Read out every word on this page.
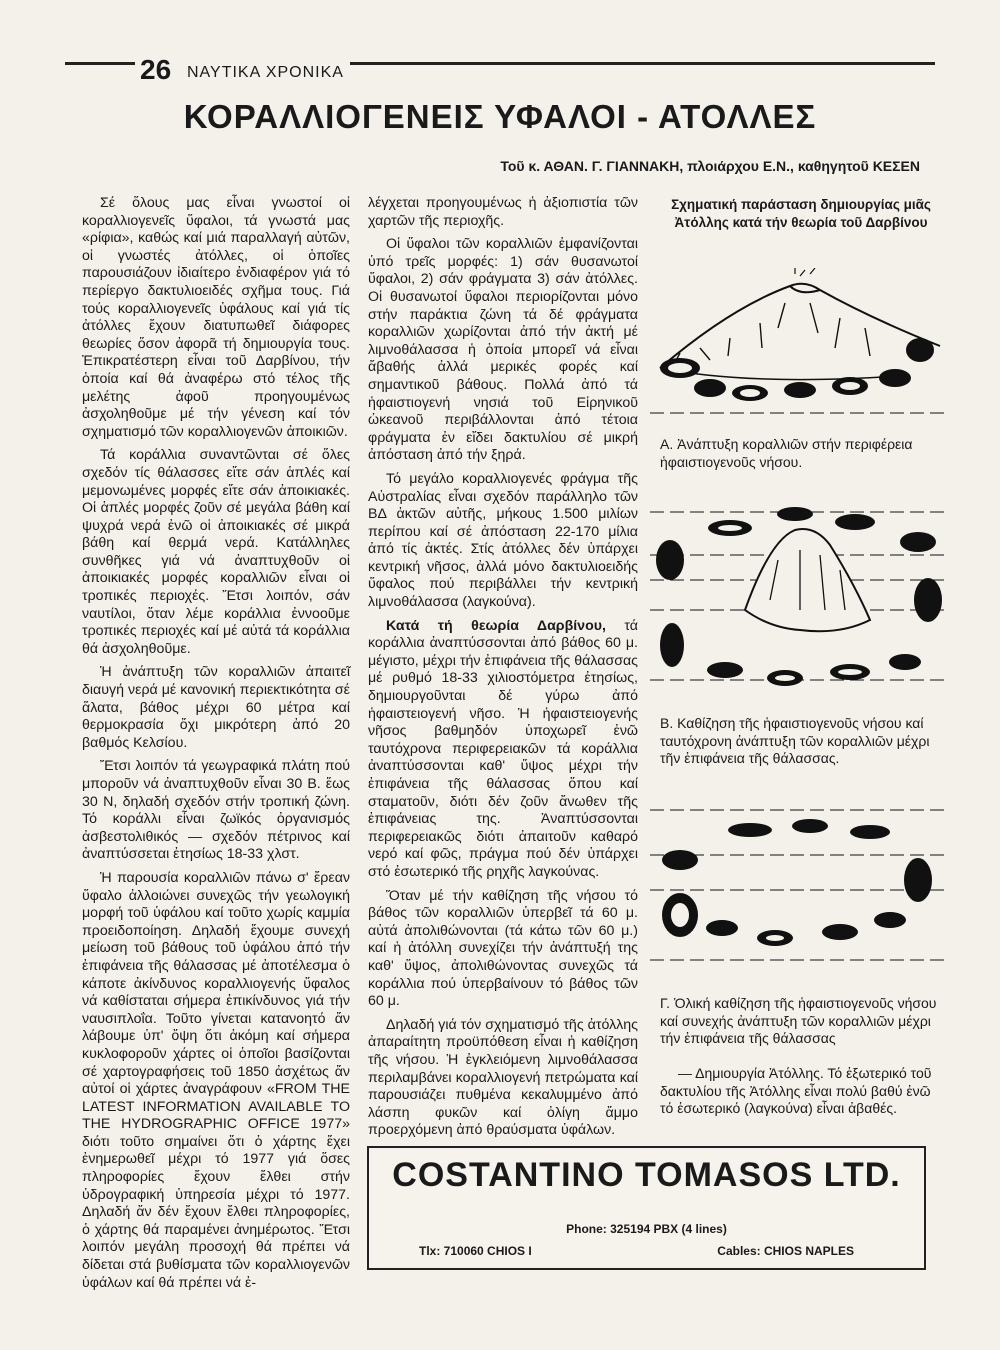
26 ΝΑΥΤΙΚΑ ΧΡΟΝΙΚΑ
ΚΟΡΑΛΛΙΟΓΕΝΕΙΣ ΥΦΑΛΟΙ - ΑΤΟΛΛΕΣ
Τοῦ κ. ΑΘΑΝ. Γ. ΓΙΑΝΝΑΚΗ, πλοιάρχου Ε.Ν., καθηγητοῦ ΚΕΣΕΝ

Σέ ὅλους μας εἶναι γνωστοί οἱ κοραλλιογενεῖς ὕφαλοι, τά γνωστά μας «ρίφια», καθώς καί μιά παραλλαγή αὐτῶν, οἱ γνωστές ἀτόλλες, οἱ ὁποῖες παρουσιάζουν ἰδιαίτερο ἐνδιαφέρον γιά τό περίεργο δακτυλιοειδές σχῆμα τους. Γιά τούς κοραλλιογενεῖς ὑφάλους καί γιά τίς ἀτόλλες ἔχουν διατυπωθεῖ διάφορες θεωρίες ὅσον ἀφορᾶ τή δημιουργία τους. Ἐπικρατέστερη εἶναι τοῦ Δαρβίνου, τήν ὁποία καί θά ἀναφέρω στό τέλος τῆς μελέτης ἀφοῦ προηγουμένως ἀσχοληθοῦμε μέ τήν γένεση καί τόν σχηματισμό τῶν κοραλλιογενῶν ἀποικιῶν.

Τά κοράλλια συναντῶνται σέ ὅλες σχεδόν τίς θάλασσες εἴτε σάν ἁπλές καί μεμονωμένες μορφές εἴτε σάν ἀποικιακές. Οἱ ἁπλές μορφές ζοῦν σέ μεγάλα βάθη καί ψυχρά νερά ἐνῶ οἱ ἀποικιακές σέ μικρά βάθη καί θερμά νερά. Κατάλληλες συνθῆκες γιά νά ἀναπτυχθοῦν οἱ ἀποικιακές μορφές κοραλλιῶν εἶναι οἱ τροπικές περιοχές. Ἔτσι λοιπόν, σάν ναυτίλοι, ὅταν λέμε κοράλλια ἐννοοῦμε τροπικές περιοχές καί μέ αὐτά τά κοράλλια θά ἀσχοληθοῦμε.

Ἡ ἀνάπτυξη τῶν κοραλλιῶν ἀπαιτεῖ διαυγή νερά μέ κανονική περιεκτικότητα σέ ἅλατα, βάθος μέχρι 60 μέτρα καί θερμοκρασία ὄχι μικρότερη ἀπό 20 βαθμός Κελσίου.

Ἔτσι λοιπόν τά γεωγραφικά πλάτη πού μποροῦν νά ἀναπτυχθοῦν εἶναι 30 Β. ἕως 30 Ν, δηλαδή σχεδόν στήν τροπική ζώνη. Τό κοράλλι εἶναι ζωϊκός ὀργανισμός ἀσβεστολιθικός — σχεδόν πέτρινος καί ἀναπτύσσεται ἐτησίως 18-33 χλστ.

Ἡ παρουσία κοραλλιῶν πάνω σ' ἔρεαν ὕφαλο ἀλλοιώνει συνεχῶς τήν γεωλογική μορφή τοῦ ὑφάλου καί τοῦτο χωρίς καμμία προειδοποίηση. Δηλαδή ἔχουμε συνεχή μείωση τοῦ βάθους τοῦ ὑφάλου ἀπό τήν ἐπιφάνεια τῆς θάλασσας μέ ἀποτέλεσμα ὁ κάποτε ἀκίνδυνος κοραλλιογενής ὕφαλος νά καθίσταται σήμερα ἐπικίνδυνος γιά τήν ναυσιπλοΐα. Τοῦτο γίνεται κατανοητό ἄν λάβουμε ὑπ' ὄψη ὅτι ἀκόμη καί σήμερα κυκλοφοροῦν χάρτες οἱ ὁποῖοι βασίζονται σέ χαρτογραφήσεις τοῦ 1850 ἀσχέτως ἄν αὐτοί οἱ χάρτες ἀναγράφουν «FROM THE LATEST INFORMATION AVAILABLE TO THE HYDROGRAPHIC OFFICE 1977» διότι τοῦτο σημαίνει ὅτι ὁ χάρτης ἔχει ἐνημερωθεῖ μέχρι τό 1977 γιά ὅσες πληροφορίες ἔχουν ἔλθει στήν ὑδρογραφική ὑπηρεσία μέχρι τό 1977. Δηλαδή ἄν δέν ἔχουν ἔλθει πληροφορίες, ὁ χάρτης θά παραμένει ἀνημέρωτος. Ἔτσι λοιπόν μεγάλη προσοχή θά πρέπει νά δίδεται στά βυθίσματα τῶν κοραλλιογενῶν ὑφάλων καί θά πρέπει νά ἐ-

λέγχεται προηγουμένως ἡ ἀξιοπιστία τῶν χαρτῶν τῆς περιοχῆς.

Οἱ ὕφαλοι τῶν κοραλλιῶν ἐμφανίζονται ὑπό τρεῖς μορφές: 1) σάν θυσανωτοί ὕφαλοι, 2) σάν φράγματα 3) σάν ἀτόλλες. Οἱ θυσανωτοί ὕφαλοι περιορίζονται μόνο στήν παράκτια ζώνη τά δέ φράγματα κοραλλιῶν χωρίζονται ἀπό τήν ἀκτή μέ λιμνοθάλασσα ἡ ὁποία μπορεῖ νά εἶναι ἄβαθής ἀλλά μερικές φορές καί σημαντικοῦ βάθους. Πολλά ἀπό τά ἡφαιστιογενή νησιά τοῦ Εἰρηνικοῦ ὠκεανοῦ περιβάλλονται ἀπό τέτοια φράγματα ἐν εἴδει δακτυλίου σέ μικρή ἀπόσταση ἀπό τήν ξηρά.

Τό μεγάλο κοραλλιογενές φράγμα τῆς Αὐστραλίας εἶναι σχεδόν παράλληλο τῶν ΒΔ ἀκτῶν αὐτῆς, μήκους 1.500 μιλίων περίπου καί σέ ἀπόσταση 22-170 μίλια ἀπό τίς ἀκτές. Στίς ἀτόλλες δέν ὑπάρχει κεντρική νῆσος, ἀλλά μόνο δακτυλιοειδής ὕφαλος πού περιβάλλει τήν κεντρική λιμνοθάλασσα (λαγκούνα).

Κατά τή θεωρία Δαρβίνου, τά κοράλλια ἀναπτύσσονται ἀπό βάθος 60 μ. μέγιστο, μέχρι τήν ἐπιφάνεια τῆς θάλασσας μέ ρυθμό 18-33 χιλιοστόμετρα ἐτησίως, δημιουργοῦνται δέ γύρω ἀπό ἡφαιστειογενή νῆσο. Ἡ ἡφαιστειογενής νῆσος βαθμηδόν ὑποχωρεῖ ἐνῶ ταυτόχρονα περιφερειακῶν τά κοράλλια ἀναπτύσσονται καθ' ὕψος μέχρι τήν ἐπιφάνεια τῆς θάλασσας ὅπου καί σταματοῦν, διότι δέν ζοῦν ἄνωθεν τῆς ἐπιφάνειας της. Ἀναπτύσσονται περιφερειακῶς διότι ἀπαιτοῦν καθαρό νερό καί φῶς, πράγμα πού δέν ὑπάρχει στό ἐσωτερικό τῆς ρηχῆς λαγκούνας.

Ὅταν μέ τήν καθίζηση τῆς νήσου τό βάθος τῶν κοραλλιῶν ὑπερβεῖ τά 60 μ. αὐτά ἀπολιθώνονται (τά κάτω τῶν 60 μ.) καί ἡ ἀτόλλη συνεχίζει τήν ἀνάπτυξή της καθ' ὕψος, ἀπολιθώνοντας συνεχῶς τά κοράλλια πού ὑπερβαίνουν τό βάθος τῶν 60 μ.

Δηλαδή γιά τόν σχηματισμό τῆς ἀτόλλης ἀπαραίτητη προϋπόθεση εἶναι ἡ καθίζηση τῆς νήσου. Ἡ ἐγκλειόμενη λιμνοθάλασσα περιλαμβάνει κοραλλιογενή πετρώματα καί παρουσιάζει πυθμένα κεκαλυμμένο ἀπό λάσπη φυκῶν καί ὀλίγη ἄμμο προερχόμενη ἀπό θραύσματα ὑφάλων.

Σχηματική παράσταση δημιουργίας μιᾶς Ἀτόλλης κατά τήν θεωρία τοῦ Δαρβίνου
Α. Ἀνάπτυξη κοραλλιῶν στήν περιφέρεια ἡφαιστιογενοῦς νήσου.
Β. Καθίζηση τῆς ἡφαιστιογενοῦς νήσου καί ταυτόχρονη ἀνάπτυξη τῶν κοραλλιῶν μέχρι τῆν ἐπιφάνεια τῆς θάλασσας.
Γ. Ὁλική καθίζηση τῆς ἡφαιστιογενοῦς νήσου καί συνεχής ἀνάπτυξη τῶν κοραλλιῶν μέχρι τήν ἐπιφάνεια τῆς θάλασσας
— Δημιουργία Ἀτόλλης. Τό ἐξωτερικό τοῦ δακτυλίου τῆς Ἀτόλλης εἶναι πολύ βαθύ ἐνῶ τό ἐσωτερικό (λαγκούνα) εἶναι ἀβαθές.
COSTANTINO TOMASOS LTD.
Phone: 325194 PBX (4 lines)
Tlx: 710060 CHIOS I	Cables: CHIOS NAPLES
